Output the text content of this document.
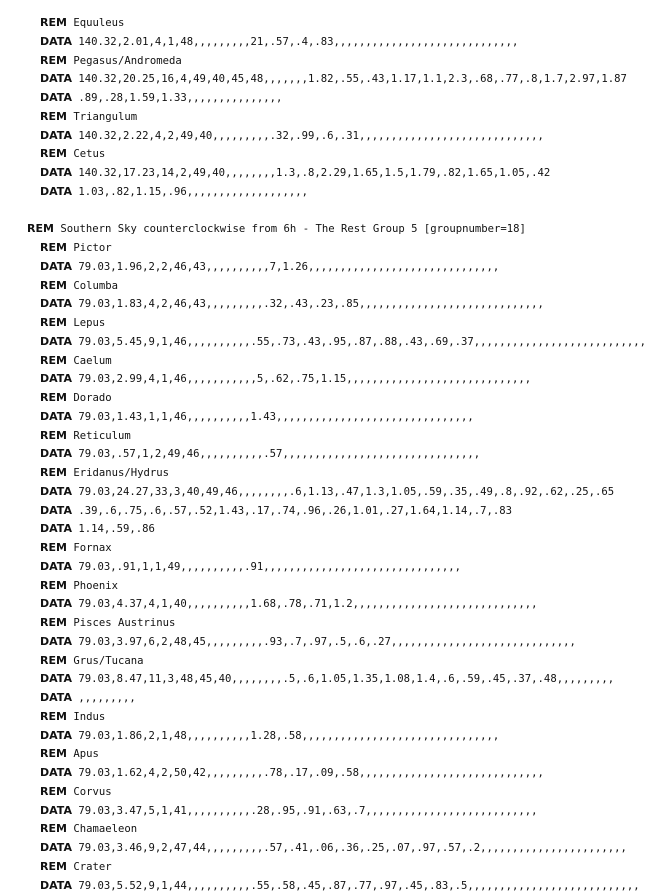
REM Equuleus
DATA 140.32,2.01,4,1,48,,,,,,,,,21,.57,.4,.83,,,,,,,,,,,,,,,,,,,,,,,,,,,,,
REM Pegasus/Andromeda
DATA 140.32,20.25,16,4,49,40,45,48,,,,,,,1.82,.55,.43,1.17,1.1,2.3,.68,.77,.8,1.7,2.97,1.87
DATA .89,.28,1.59,1.33,,,,,,,,,,,,,,,
REM Triangulum
DATA 140.32,2.22,4,2,49,40,,,,,,,,,.32,.99,.6,.31,,,,,,,,,,,,,,,,,,,,,,,,,,,,,
REM Cetus
DATA 140.32,17.23,14,2,49,40,,,,,,,,1.3,.8,2.29,1.65,1.5,1.79,.82,1.65,1.05,.42
DATA 1.03,.82,1.15,.96,,,,,,,,,,,,,,,,,,,
REM Southern Sky counterclockwise from 6h - The Rest Group 5 [groupnumber=18]
REM Pictor
DATA 79.03,1.96,2,2,46,43,,,,,,,,,,7,1.26,,,,,,,,,,,,,,,,,,,,,,,,,,,,,,
REM Columba
DATA 79.03,1.83,4,2,46,43,,,,,,,,,.32,.43,.23,.85,,,,,,,,,,,,,,,,,,,,,,,,,,,,,
REM Lepus
DATA 79.03,5.45,9,1,46,,,,,,,,,,.55,.73,.43,.95,.87,.88,.43,.69,.37,,,,,,,,,,,,,,,,,,,,,,,,,,,
REM Caelum
DATA 79.03,2.99,4,1,46,,,,,,,,,,,5,.62,.75,1.15,,,,,,,,,,,,,,,,,,,,,,,,,,,,,
REM Dorado
DATA 79.03,1.43,1,1,46,,,,,,,,,,1.43,,,,,,,,,,,,,,,,,,,,,,,,,,,,,,,
REM Reticulum
DATA 79.03,.57,1,2,49,46,,,,,,,,,,.57,,,,,,,,,,,,,,,,,,,,,,,,,,,,,,,
REM Eridanus/Hydrus
DATA 79.03,24.27,33,3,40,49,46,,,,,,,,.6,1.13,.47,1.3,1.05,.59,.35,.49,.8,.92,.62,.25,.65
DATA .39,.6,.75,.6,.57,.52,1.43,.17,.74,.96,.26,1.01,.27,1.64,1.14,.7,.83
DATA 1.14,.59,.86
REM Fornax
DATA 79.03,.91,1,1,49,,,,,,,,,,.91,,,,,,,,,,,,,,,,,,,,,,,,,,,,,,,
REM Phoenix
DATA 79.03,4.37,4,1,40,,,,,,,,,,1.68,.78,.71,1.2,,,,,,,,,,,,,,,,,,,,,,,,,,,,,
REM Pisces Austrinus
DATA 79.03,3.97,6,2,48,45,,,,,,,,,.93,.7,.97,.5,.6,.27,,,,,,,,,,,,,,,,,,,,,,,,,,,,,
REM Grus/Tucana
DATA 79.03,8.47,11,3,48,45,40,,,,,,,,.5,.6,1.05,1.35,1.08,1.4,.6,.59,.45,.37,.48,,,,,,,,,
DATA ,,,,,,,,,
REM Indus
DATA 79.03,1.86,2,1,48,,,,,,,,,,1.28,.58,,,,,,,,,,,,,,,,,,,,,,,,,,,,,,,
REM Apus
DATA 79.03,1.62,4,2,50,42,,,,,,,,,.78,.17,.09,.58,,,,,,,,,,,,,,,,,,,,,,,,,,,,,
REM Corvus
DATA 79.03,3.47,5,1,41,,,,,,,,,,.28,.95,.91,.63,.7,,,,,,,,,,,,,,,,,,,,,,,,,,,
REM Chamaeleon
DATA 79.03,3.46,9,2,47,44,,,,,,,,,.57,.41,.06,.36,.25,.07,.97,.57,.2,,,,,,,,,,,,,,,,,,,,,,,
REM Crater
DATA 79.03,5.52,9,1,44,,,,,,,,,,.55,.58,.45,.87,.77,.97,.45,.83,.5,,,,,,,,,,,,,,,,,,,,,,,,,,,
